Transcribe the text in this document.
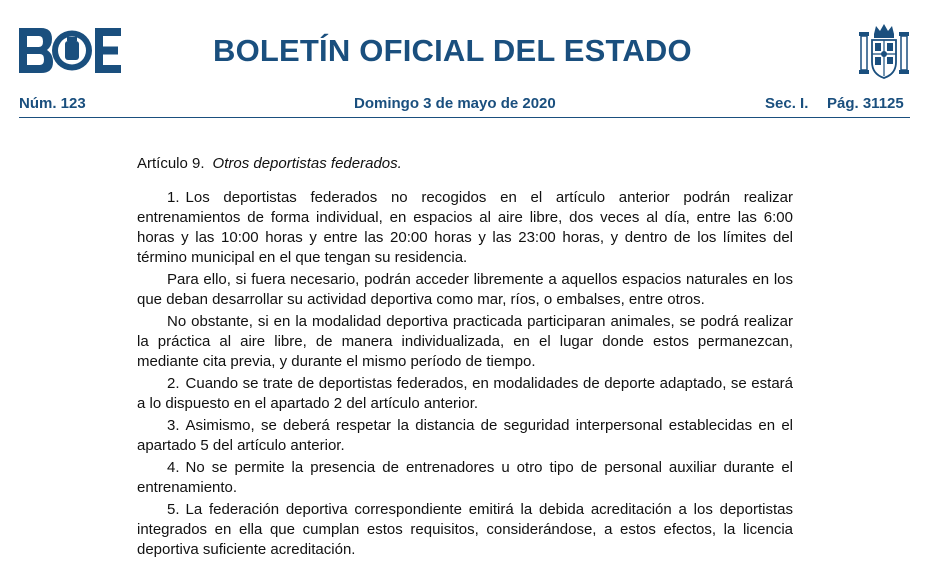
BOLETÍN OFICIAL DEL ESTADO
Núm. 123	Domingo 3 de mayo de 2020	Sec. I. Pág. 31125
Artículo 9. Otros deportistas federados.

1. Los deportistas federados no recogidos en el artículo anterior podrán realizar entrenamientos de forma individual, en espacios al aire libre, dos veces al día, entre las 6:00 horas y las 10:00 horas y entre las 20:00 horas y las 23:00 horas, y dentro de los límites del término municipal en el que tengan su residencia.

Para ello, si fuera necesario, podrán acceder libremente a aquellos espacios naturales en los que deban desarrollar su actividad deportiva como mar, ríos, o embalses, entre otros.

No obstante, si en la modalidad deportiva practicada participaran animales, se podrá realizar la práctica al aire libre, de manera individualizada, en el lugar donde estos permanezcan, mediante cita previa, y durante el mismo período de tiempo.

2. Cuando se trate de deportistas federados, en modalidades de deporte adaptado, se estará a lo dispuesto en el apartado 2 del artículo anterior.

3. Asimismo, se deberá respetar la distancia de seguridad interpersonal establecidas en el apartado 5 del artículo anterior.

4. No se permite la presencia de entrenadores u otro tipo de personal auxiliar durante el entrenamiento.

5. La federación deportiva correspondiente emitirá la debida acreditación a los deportistas integrados en ella que cumplan estos requisitos, considerándose, a estos efectos, la licencia deportiva suficiente acreditación.
